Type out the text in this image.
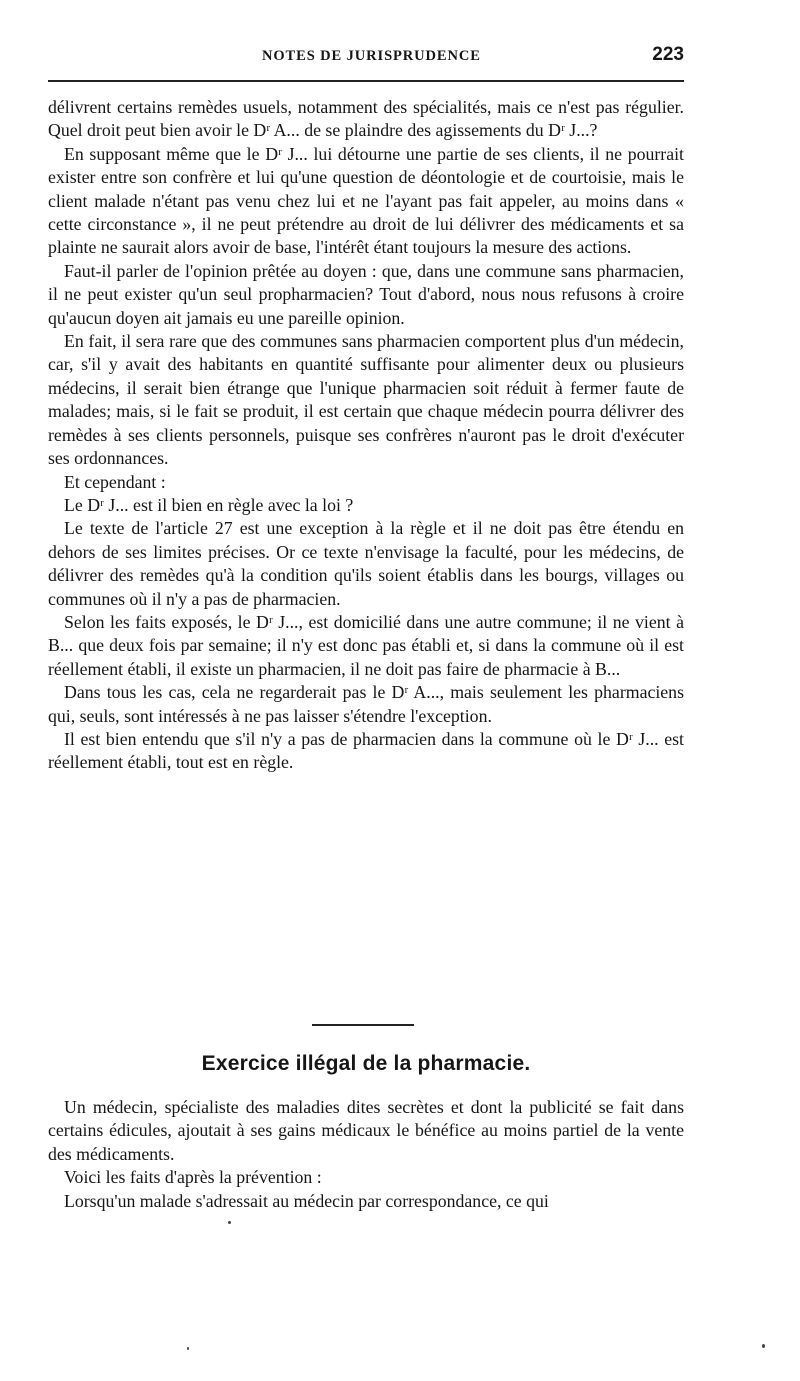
NOTES DE JURISPRUDENCE	223

délivrent certains remèdes usuels, notamment des spécialités, mais ce n'est pas régulier. Quel droit peut bien avoir le Dʳ A... de se plaindre des agissements du Dʳ J...?

En supposant même que le Dʳ J... lui détourne une partie de ses clients, il ne pourrait exister entre son confrère et lui qu'une question de déontologie et de courtoisie, mais le client malade n'étant pas venu chez lui et ne l'ayant pas fait appeler, au moins dans « cette circonstance », il ne peut prétendre au droit de lui délivrer des médicaments et sa plainte ne saurait alors avoir de base, l'intérêt étant toujours la mesure des actions.

Faut-il parler de l'opinion prêtée au doyen : que, dans une commune sans pharmacien, il ne peut exister qu'un seul propharmacien? Tout d'abord, nous nous refusons à croire qu'aucun doyen ait jamais eu une pareille opinion.

En fait, il sera rare que des communes sans pharmacien comportent plus d'un médecin, car, s'il y avait des habitants en quantité suffisante pour alimenter deux ou plusieurs médecins, il serait bien étrange que l'unique pharmacien soit réduit à fermer faute de malades; mais, si le fait se produit, il est certain que chaque médecin pourra délivrer des remèdes à ses clients personnels, puisque ses confrères n'auront pas le droit d'exécuter ses ordonnances.

Et cependant :

Le Dʳ J... est il bien en règle avec la loi ?

Le texte de l'article 27 est une exception à la règle et il ne doit pas être étendu en dehors de ses limites précises. Or ce texte n'envisage la faculté, pour les médecins, de délivrer des remèdes qu'à la condition qu'ils soient établis dans les bourgs, villages ou communes où il n'y a pas de pharmacien.

Selon les faits exposés, le Dʳ J..., est domicilié dans une autre commune; il ne vient à B... que deux fois par semaine; il n'y est donc pas établi et, si dans la commune où il est réellement établi, il existe un pharmacien, il ne doit pas faire de pharmacie à B...

Dans tous les cas, cela ne regarderait pas le Dʳ A..., mais seulement les pharmaciens qui, seuls, sont intéressés à ne pas laisser s'étendre l'exception.

Il est bien entendu que s'il n'y a pas de pharmacien dans la commune où le Dʳ J... est réellement établi, tout est en règle.

Exercice illégal de la pharmacie.

Un médecin, spécialiste des maladies dites secrètes et dont la publicité se fait dans certains édicules, ajoutait à ses gains médicaux le bénéfice au moins partiel de la vente des médicaments.

Voici les faits d'après la prévention :

Lorsqu'un malade s'adressait au médecin par correspondance, ce qui
